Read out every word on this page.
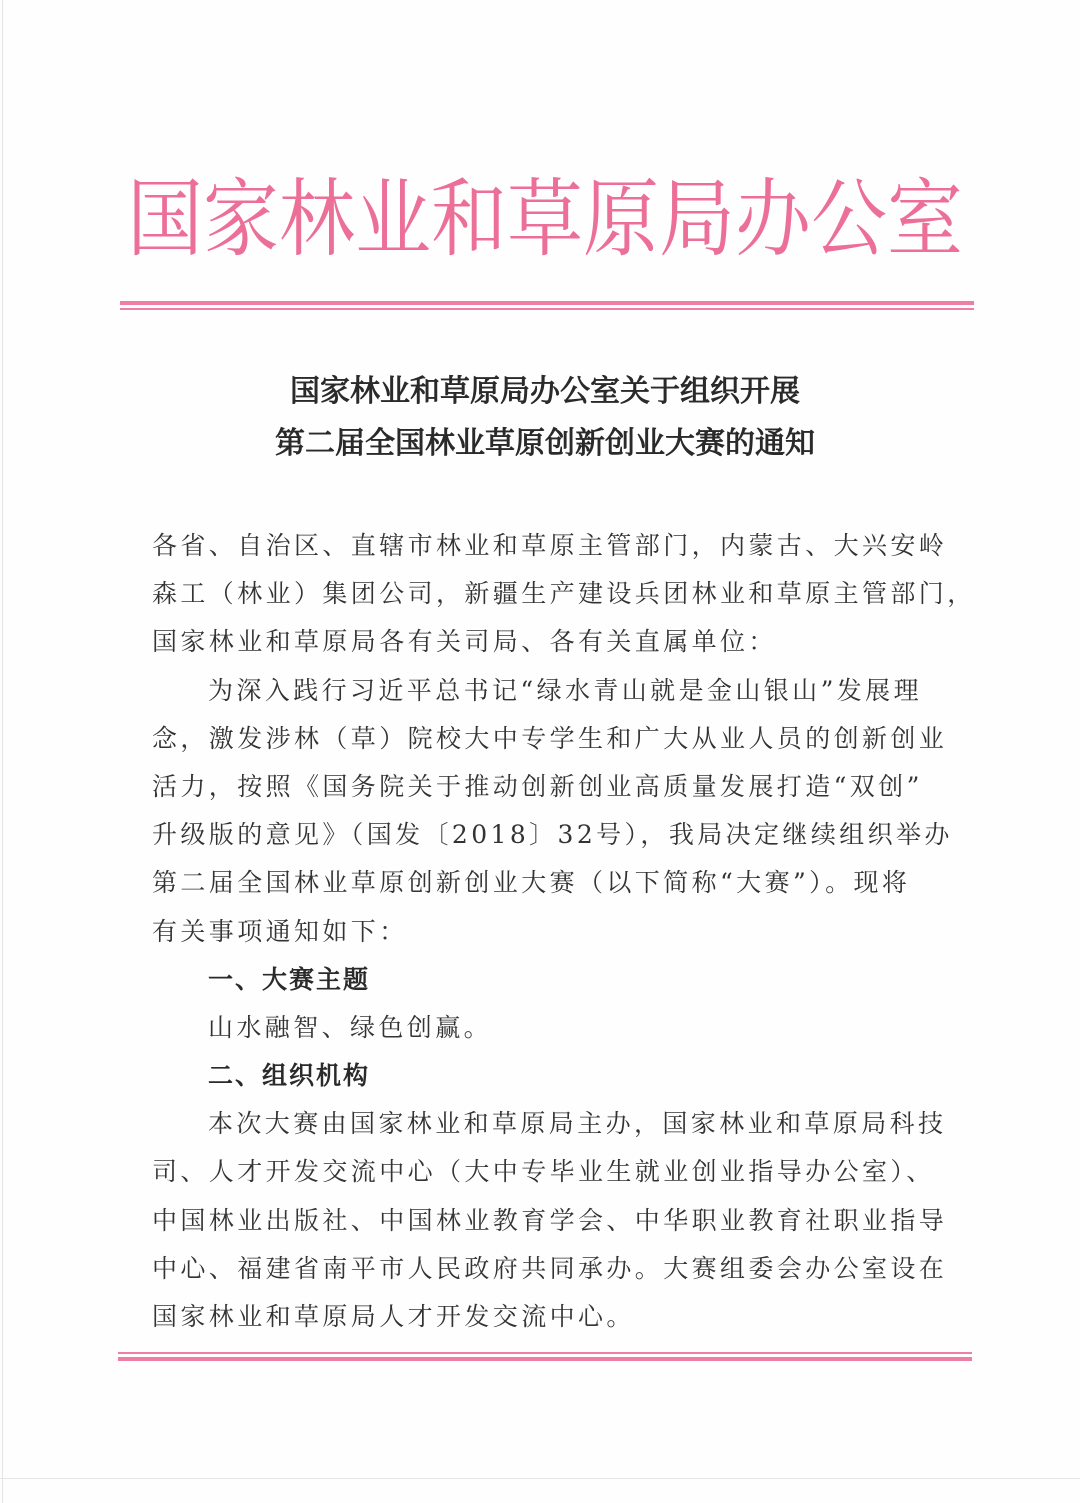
国家林业和草原局办公室
国家林业和草原局办公室关于组织开展
第二届全国林业草原创新创业大赛的通知
各省、自治区、直辖市林业和草原主管部门，内蒙古、大兴安岭
森工（林业）集团公司，新疆生产建设兵团林业和草原主管部门，
国家林业和草原局各有关司局、各有关直属单位：
为深入践行习近平总书记“绿水青山就是金山银山”发展理
念，激发涉林（草）院校大中专学生和广大从业人员的创新创业
活力，按照《国务院关于推动创新创业高质量发展打造“双创”
升级版的意见》（国发〔2018〕32号），我局决定继续组织举办
第二届全国林业草原创新创业大赛（以下简称“大赛”）。现将
有关事项通知如下：
一、大赛主题
山水融智、绿色创赢。
二、组织机构
本次大赛由国家林业和草原局主办，国家林业和草原局科技
司、人才开发交流中心（大中专毕业生就业创业指导办公室）、
中国林业出版社、中国林业教育学会、中华职业教育社职业指导
中心、福建省南平市人民政府共同承办。大赛组委会办公室设在
国家林业和草原局人才开发交流中心。
